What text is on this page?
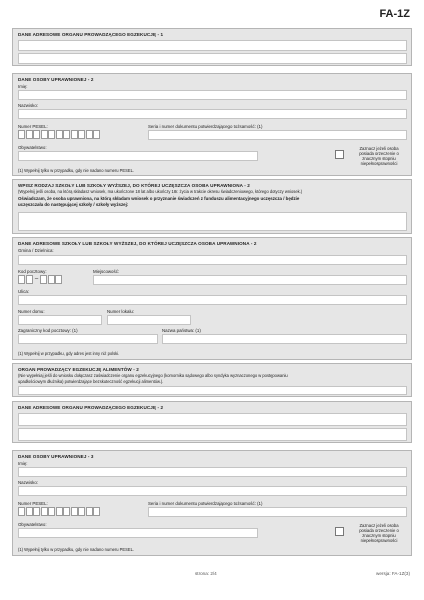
FA-1Z
DANE ADRESOWE ORGANU PROWADZĄCEGO EGZEKUCJĘ - 1
DANE OSOBY UPRAWNIONEJ - 2
Imię:
Nazwisko:
Numer PESEL:	Seria i numer dokumentu potwierdzającego tożsamość: (1)
Obywatelstwo:	Zaznacz jeżeli osoba
posiada orzeczenie o
znacznym stopniu
niepełnosprawności
(1) Wypełnij tylko w przypadku, gdy nie nadano numeru PESEL.
WPISZ RODZAJ SZKOŁY LUB SZKOŁY WYŻSZEJ, DO KTÓREJ UCZĘSZCZA OSOBA UPRAWNIONA - 2
(Wypełnij jeśli osoba, na którą składasz wniosek, ma ukończone 18 lat albo ukończy 18r. życia w trakcie okresu świadczeniowego, którego dotyczy wniosek.)
Oświadczam, że osoba uprawniona, na którą składam wniosek o przyznanie świadczeń z funduszu alimentacyjnego uczęszcza / będzie
uczęszczała do następującej szkoły / szkoły wyższej:
DANE ADRESOWE SZKOŁY LUB SZKOŁY WYŻSZEJ, DO KTÓREJ UCZĘSZCZA OSOBA UPRAWNIONA - 2
Gmina / Dzielnica:
Kod pocztowy:
–
Miejscowość:
Ulica:
Numer domu:	Numer lokalu:
Zagraniczny kod pocztowy: (1)	Nazwa państwa: (1)
(1) Wypełnij w przypadku, gdy adres jest inny niż polski.
ORGAN PROWADZĄCY EGZEKUCJĘ ALIMENTÓW - 2
(Nie wypełniaj jeśli do wniosku dołączasz zaświadczenie organu egzekucyjnego (komornika sądowego albo syndyka wyznaczonego w postępowaniu
upadłościowym dłużnika) potwierdzające bezskuteczność egzekucji alimentów.).
DANE ADRESOWE ORGANU PROWADZĄCEGO EGZEKUCJĘ - 2
DANE OSOBY UPRAWNIONEJ - 3
Imię:
Nazwisko:
Numer PESEL:	Seria i numer dokumentu potwierdzającego tożsamość: (1)
Obywatelstwo:	Zaznacz jeżeli osoba
posiada orzeczenie o
znacznym stopniu
niepełnosprawności
(1) Wypełnij tylko w przypadku, gdy nie nadano numeru PESEL.
strona: 2/4	wersja: FA-1Z(3)
